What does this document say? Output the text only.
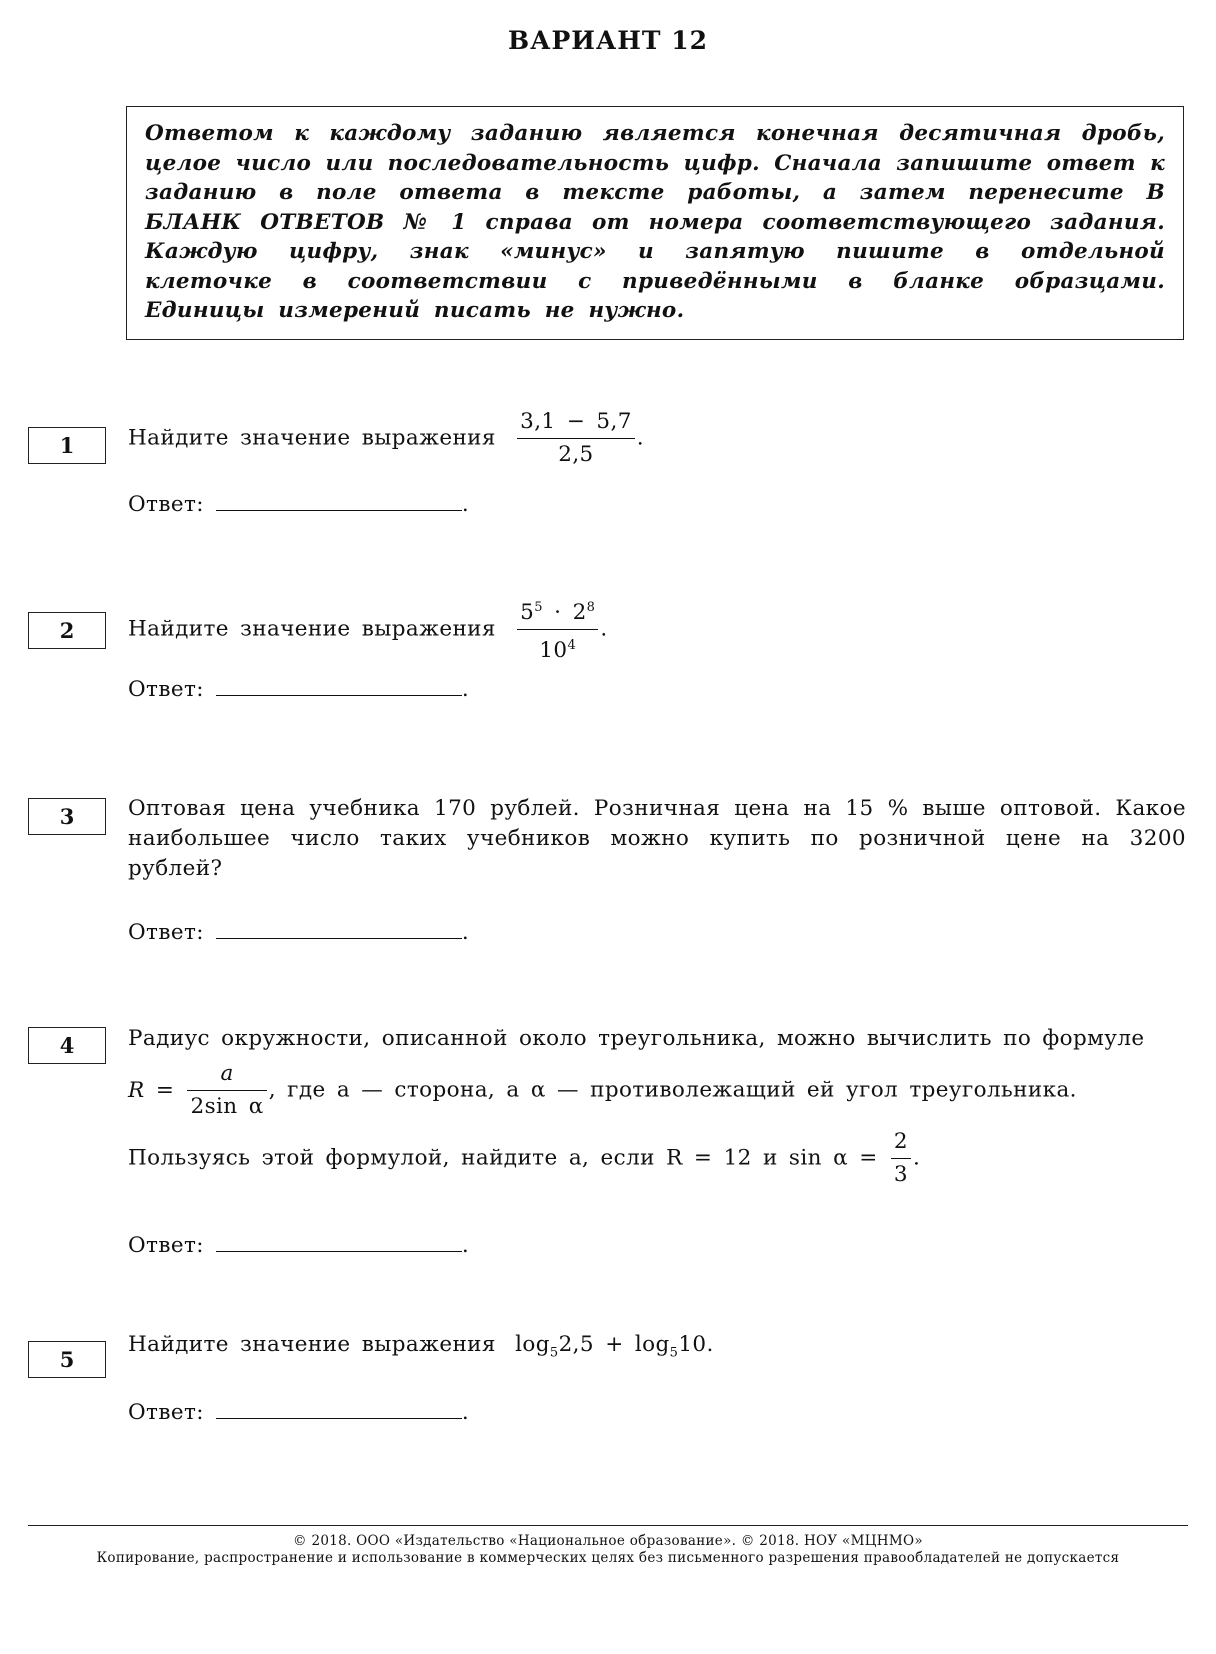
ВАРИАНТ 12
Ответом к каждому заданию является конечная десятичная дробь, целое число или последовательность цифр. Сначала запишите ответ к заданию в поле ответа в тексте работы, а затем перенесите В БЛАНК ОТВЕТОВ № 1 справа от номера соответствующего задания. Каждую цифру, знак «минус» и запятую пишите в отдельной клеточке в соответствии с приведёнными в бланке образцами. Единицы измерений писать не нужно.
1	Найдите значение выражения $\frac{3,1 - 5,7}{2,5}$ .
Ответ:	.
2	Найдите значение выражения $\frac{5^5 \cdot 2^8}{10^4}$ .
Ответ:	.
3	Оптовая цена учебника 170 рублей. Розничная цена на 15 % выше оптовой. Какое наибольшее число таких учебников можно купить по розничной цене на 3200 рублей?
Ответ:	.
4	Радиус окружности, описанной около треугольника, можно вычислить по формуле
$R = \frac{a}{\text{2sin α}}$ , где a — сторона, а α — противолежащий ей угол треугольника.
Пользуясь этой формулой, найдите a, если R = 12 и $\sin \alpha = \frac{2}{3}$ .
Ответ:	.
5
Найдите значение выражения $\log_52,5 + \log_510$.
Ответ:	.
© 2018. ООО «Издательство «Национальное образование». © 2018. НОУ «МЦНМО»
Копирование, распространение и использование в коммерческих целях без письменного разрешения правообладателей не допускается
